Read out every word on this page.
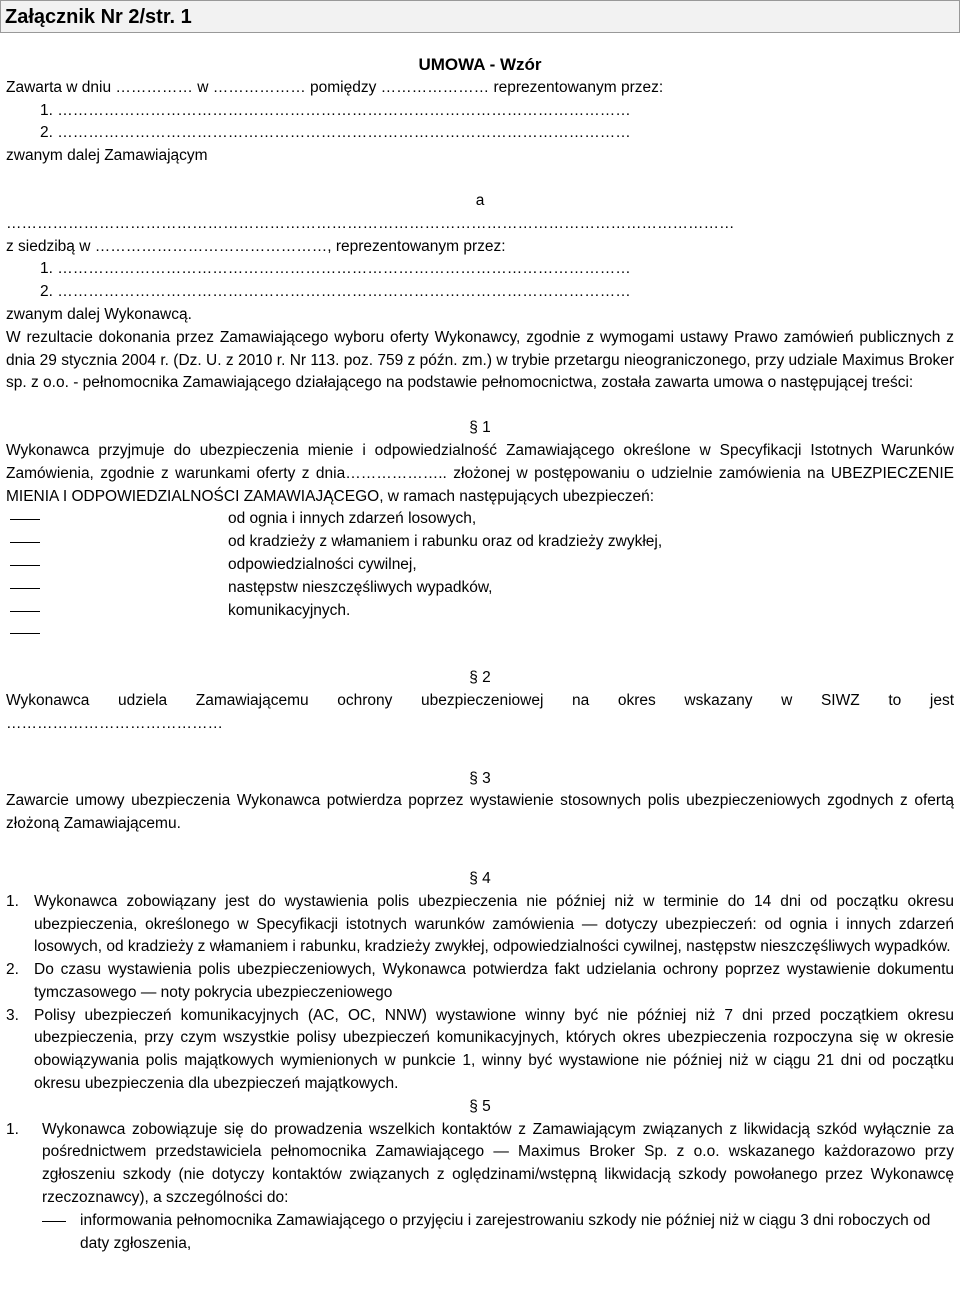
Załącznik Nr 2/str. 1
UMOWA - Wzór
Zawarta w dniu …………… w ……………… pomiędzy ………………… reprezentowanym przez:
1. …………………………………………………………………………………………………
2. …………………………………………………………………………………………………
zwanym dalej Zamawiającym
a
……………………………………………………………………………………………………………………………
z siedzibą w ………………………………………, reprezentowanym przez:
1. …………………………………………………………………………………………………
2. …………………………………………………………………………………………………
zwanym dalej Wykonawcą.
W rezultacie dokonania przez Zamawiającego wyboru oferty Wykonawcy, zgodnie z wymogami ustawy Prawo zamówień publicznych z dnia 29 stycznia 2004 r. (Dz. U. z 2010 r. Nr 113. poz. 759 z późn. zm.) w trybie przetargu nieograniczonego, przy udziale Maximus Broker sp. z o.o. - pełnomocnika Zamawiającego działającego na podstawie pełnomocnictwa, została zawarta umowa o następującej treści:
§ 1
Wykonawca przyjmuje do ubezpieczenia mienie i odpowiedzialność Zamawiającego określone w Specyfikacji Istotnych Warunków Zamówienia, zgodnie z warunkami oferty z dnia……………….. złożonej w postępowaniu o udzielnie zamówienia na UBEZPIECZENIE MIENIA I ODPOWIEDZIALNOŚCI ZAMAWIAJĄCEGO, w ramach następujących ubezpieczeń:
od ognia i innych zdarzeń losowych,
od kradzieży z włamaniem i rabunku oraz od kradzieży zwykłej,
odpowiedzialności cywilnej,
następstw nieszczęśliwych wypadków,
komunikacyjnych.
§ 2
Wykonawca udziela Zamawiającemu ochrony ubezpieczeniowej na okres wskazany w SIWZ to jest
……………………………………
§ 3
Zawarcie umowy ubezpieczenia Wykonawca potwierdza poprzez wystawienie stosownych polis ubezpieczeniowych zgodnych z ofertą złożoną Zamawiającemu.
§ 4
1. Wykonawca zobowiązany jest do wystawienia polis ubezpieczenia nie później niż w terminie do 14 dni od początku okresu ubezpieczenia, określonego w Specyfikacji istotnych warunków zamówienia — dotyczy ubezpieczeń: od ognia i innych zdarzeń losowych, od kradzieży z włamaniem i rabunku, kradzieży zwykłej, odpowiedzialności cywilnej, następstw nieszczęśliwych wypadków.
2. Do czasu wystawienia polis ubezpieczeniowych, Wykonawca potwierdza fakt udzielania ochrony poprzez wystawienie dokumentu tymczasowego — noty pokrycia ubezpieczeniowego
3. Polisy ubezpieczeń komunikacyjnych (AC, OC, NNW) wystawione winny być nie później niż 7 dni przed początkiem okresu ubezpieczenia, przy czym wszystkie polisy ubezpieczeń komunikacyjnych, których okres ubezpieczenia rozpoczyna się w okresie obowiązywania polis majątkowych wymienionych w punkcie 1, winny być wystawione nie później niż w ciągu 21 dni od początku okresu ubezpieczenia dla ubezpieczeń majątkowych.
§ 5
1. Wykonawca zobowiązuje się do prowadzenia wszelkich kontaktów z Zamawiającym związanych z likwidacją szkód wyłącznie za pośrednictwem przedstawiciela pełnomocnika Zamawiającego — Maximus Broker Sp. z o.o. wskazanego każdorazowo przy zgłoszeniu szkody (nie dotyczy kontaktów związanych z oględzinami/wstępną likwidacją szkody powołanego przez Wykonawcę rzeczoznawcy), a szczególności do:
informowania pełnomocnika Zamawiającego o przyjęciu i zarejestrowaniu szkody nie później niż w ciągu 3 dni roboczych od daty zgłoszenia,
